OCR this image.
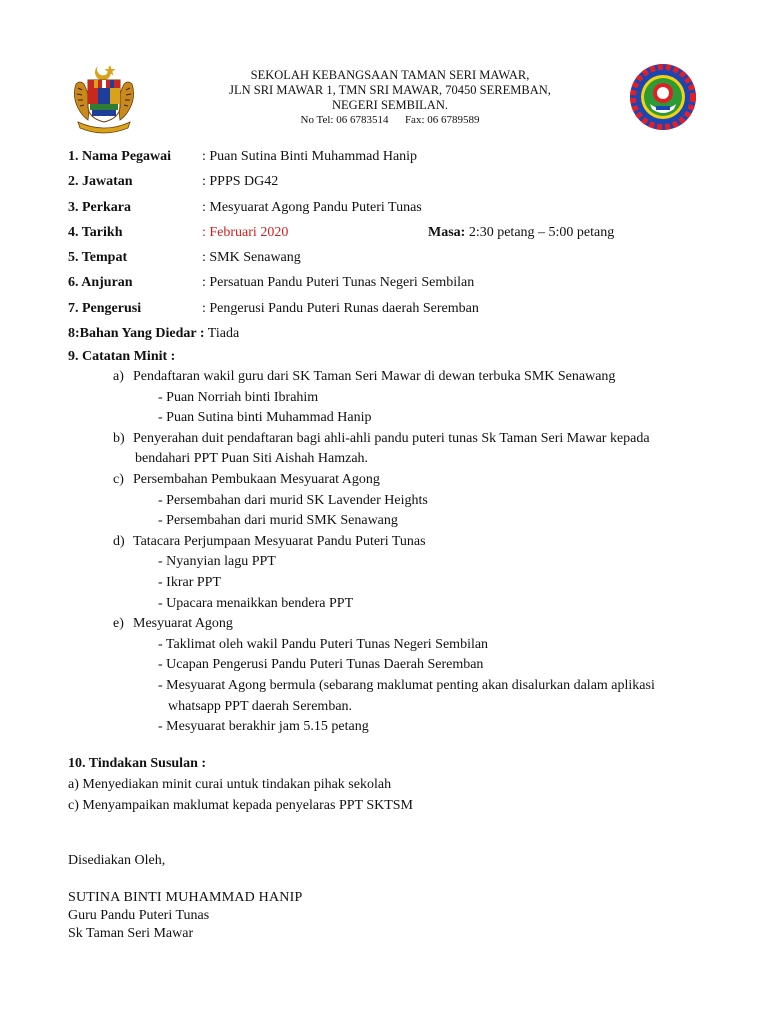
SEKOLAH KEBANGSAAN TAMAN SERI MAWAR,
JLN SRI MAWAR 1, TMN SRI MAWAR, 70450 SEREMBAN,
NEGERI SEMBILAN.
No Tel: 06 6783514      Fax: 06 6789589
1. Nama Pegawai : Puan Sutina Binti Muhammad Hanip
2. Jawatan	: PPPS DG42
3. Perkara	: Mesyuarat Agong Pandu Puteri Tunas
4. Tarikh	: Februari 2020	Masa: 2:30 petang – 5:00 petang
5. Tempat	: SMK Senawang
6. Anjuran	: Persatuan Pandu Puteri Tunas Negeri Sembilan
7. Pengerusi	: Pengerusi Pandu Puteri Runas daerah Seremban
8:Bahan Yang Diedar : Tiada
9. Catatan Minit :
a) Pendaftaran wakil guru dari SK Taman Seri Mawar di dewan terbuka SMK Senawang
- Puan Norriah binti Ibrahim
- Puan Sutina binti Muhammad Hanip
b) Penyerahan duit pendaftaran bagi ahli-ahli pandu puteri tunas Sk Taman Seri Mawar kepada
bendahari PPT Puan Siti Aishah Hamzah.
c) Persembahan Pembukaan Mesyuarat Agong
- Persembahan dari murid SK Lavender Heights
- Persembahan dari murid SMK Senawang
d) Tatacara Perjumpaan Mesyuarat Pandu Puteri Tunas
- Nyanyian lagu PPT
- Ikrar PPT
- Upacara menaikkan bendera PPT
e) Mesyuarat Agong
- Taklimat oleh wakil Pandu Puteri Tunas Negeri Sembilan
- Ucapan Pengerusi Pandu Puteri Tunas Daerah Seremban
- Mesyuarat Agong bermula (sebarang maklumat penting akan disalurkan dalam aplikasi
whatsapp PPT daerah Seremban.
- Mesyuarat berakhir jam 5.15 petang
10. Tindakan Susulan :
a) Menyediakan minit curai untuk tindakan pihak sekolah
c) Menyampaikan maklumat kepada penyelaras PPT SKTSM
Disediakan Oleh,
SUTINA BINTI MUHAMMAD HANIP
Guru Pandu Puteri Tunas
Sk Taman Seri Mawar
